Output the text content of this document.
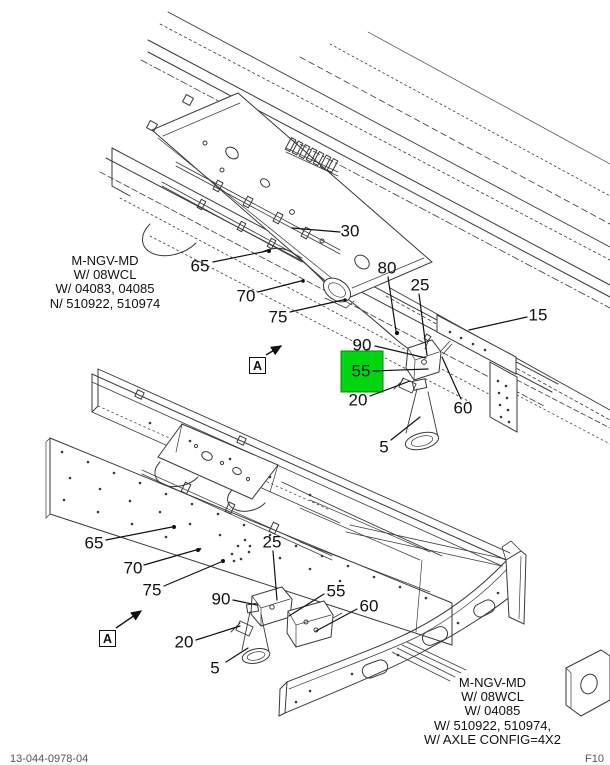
M-NGV-MD
W/ 08WCL
W/ 04083, 04085
N/ 510922, 510974
M-NGV-MD
W/ 08WCL
W/ 04085
W/ 510922, 510974,
W/ AXLE CONFIG=4X2
A
A
13-044-0978-04	F10
30
65
70
75
80
25
15
90
55
20	60
5
65
70
75
25
90	55
60
20
5
